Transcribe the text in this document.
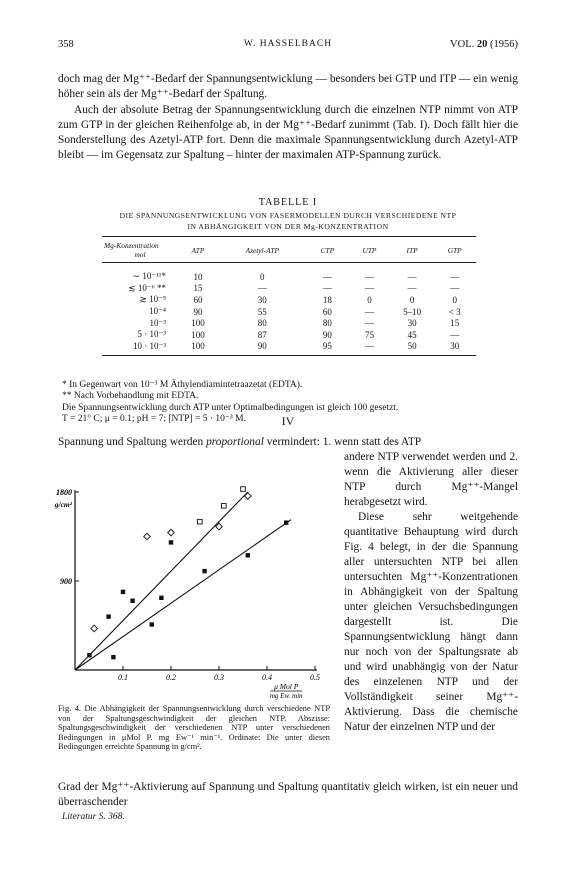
358	W. HASSELBACH	VOL. 20 (1956)

doch mag der Mg⁺⁺-Bedarf der Spannungsentwicklung — besonders bei GTP und ITP — ein wenig höher sein als der Mg⁺⁺-Bedarf der Spaltung.

Auch der absolute Betrag der Spannungsentwicklung durch die einzelnen NTP nimmt von ATP zum GTP in der gleichen Reihenfolge ab, in der Mg⁺⁺-Bedarf zunimmt (Tab. I). Doch fällt hier die Sonderstellung des Azetyl-ATP fort. Denn die maximale Spannungsentwicklung durch Azetyl-ATP bleibt — im Gegensatz zur Spaltung – hinter der maximalen ATP-Spannung zurück.

TABELLE I
DIE SPANNUNGSENTWICKLUNG VON FASERMODELLEN DURCH VERSCHIEDENE NTP
IN ABHÄNGIGKEIT VON DER Mg-KONZENTRATION
Mg-Konzentration
mol	ATP	Azetyl-ATP	CTP	UTP	ITP	GTP

∼ 10⁻¹¹*	10	0	—	—	—	—
≲ 10⁻⁶ **	15	—	—	—	—	—
≳ 10⁻⁵	60	30	18	0	0	0
10⁻⁴	90	55	60	—	5–10	< 3
10⁻³	100	80	80	—	30	15
5 · 10⁻³	100	87	90	75	45	—
10 · 10⁻³	100	90	95	—	50	30
* In Gegenwart von 10⁻³ M Äthylendiamintetraazetat (EDTA).
** Nach Vorbehandlung mit EDTA.
Die Spannungsentwicklung durch ATP unter Optimalbedingungen ist gleich 100 gesetzt.
T = 21° C; μ = 0.1; pH = 7; [NTP] = 5 · 10⁻³ M.	IV

Spannung und Spaltung werden proportional vermindert: 1. wenn statt des ATP

andere NTP verwendet werden und 2. wenn die Aktivierung aller dieser NTP durch Mg⁺⁺-Mangel herabgesetzt wird.

Diese sehr weitgehende quantitative Behauptung wird durch Fig. 4 belegt, in der die Spannung aller untersuchten NTP bei allen untersuchten Mg⁺⁺-Konzentrationen in Abhängigkeit von der Spaltung unter gleichen Versuchsbedingungen dargestellt ist. Die Spannungsentwicklung hängt dann nur noch von der Spaltungsrate ab und wird unabhängig von der Natur des einzelenen NTP und der Vollständigkeit seiner Mg⁺⁺-Aktivierung. Dass die chemische Natur der einzelnen NTP und der

0.1	0.2	0.3	0.4	0.5
900
1800
g/cm²
μ Mol P
mg Ew. min
Fig. 4. Die Abhängigkeit der Spannungsentwicklung durch verschiedene NTP von der Spaltungsgeschwindigkeit der gleichen NTP. Abszisse: Spaltungsgeschwindigkeit der verschiedenen NTP unter verschiedenen Bedingungen in μMol P. mg Ew⁻¹ min⁻¹. Ordinate: Die unter diesen Bedingungen erreichte Spannung in g/cm².

Grad der Mg⁺⁺-Aktivierung auf Spannung und Spaltung quantitativ gleich wirken, ist ein neuer und überraschender

Literatur S. 368.
